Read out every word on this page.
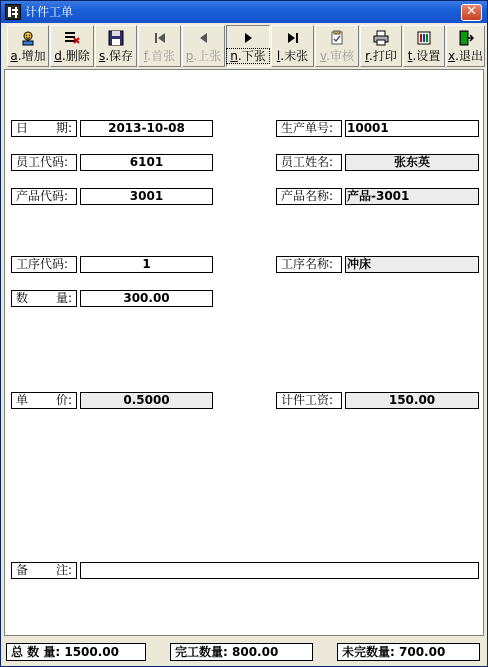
计件工单	✕
a.增加 d.删除 s.保存 f.首张 p.上张 n.下张 l.末张 v.审核 r.打印 t.设置 x.退出
日 期:	2013-10-08	生产单号:	10001
员工代码:	6101	员工姓名:	张东英
产品代码:	3001	产品名称:	产品-3001
工序代码:	1	工序名称:	冲床
数 量:	300.00
单 价:	0.5000	计件工资:	150.00
备 注:
总 数 量: 1500.00	完工数量: 800.00	未完数量: 700.00
